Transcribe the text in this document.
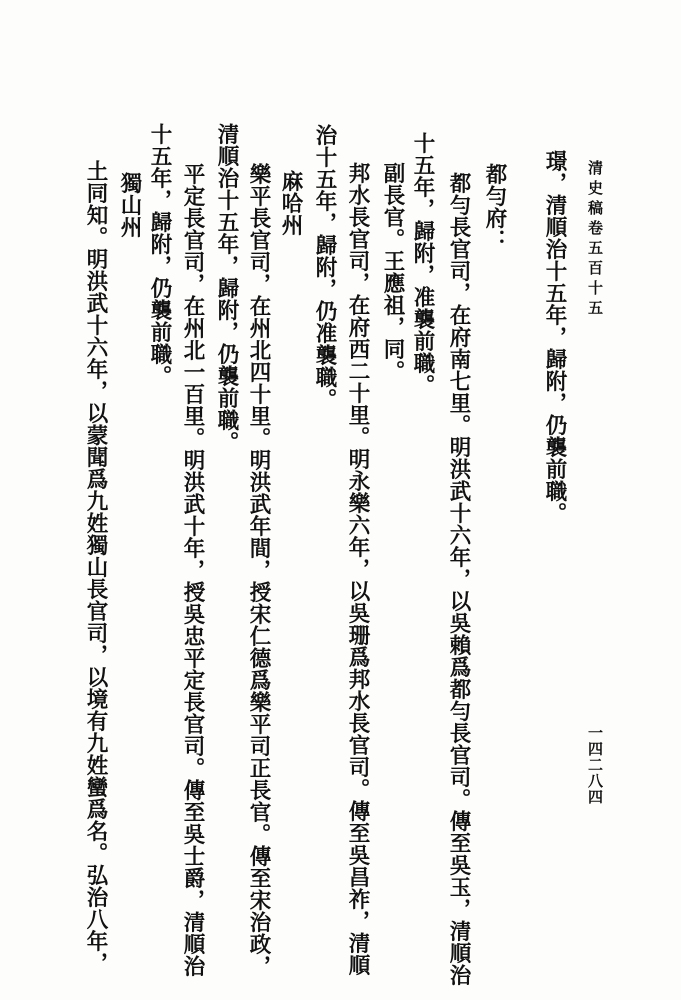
清史稿卷五百十五
一四二八四
璟，清順治十五年，歸附，仍襲前職。
都勻府：
都勻長官司，在府南七里。明洪武十六年，以吳賴爲都勻長官司。傳至吳玉，清順治
十五年，歸附，准襲前職。
副長官。王應祖，同。
邦水長官司，在府西二十里。明永樂六年，以吳珊爲邦水長官司。傳至吳昌祚，清順
治十五年，歸附，仍准襲職。
麻哈州
樂平長官司，在州北四十里。明洪武年間，授宋仁德爲樂平司正長官。傳至宋治政，
清順治十五年，歸附，仍襲前職。
平定長官司，在州北一百里。明洪武十年，授吳忠平定長官司。傳至吳士爵，清順治
十五年，歸附，仍襲前職。
獨山州
土同知。明洪武十六年，以蒙聞爲九姓獨山長官司，以境有九姓蠻爲名。弘治八年，
